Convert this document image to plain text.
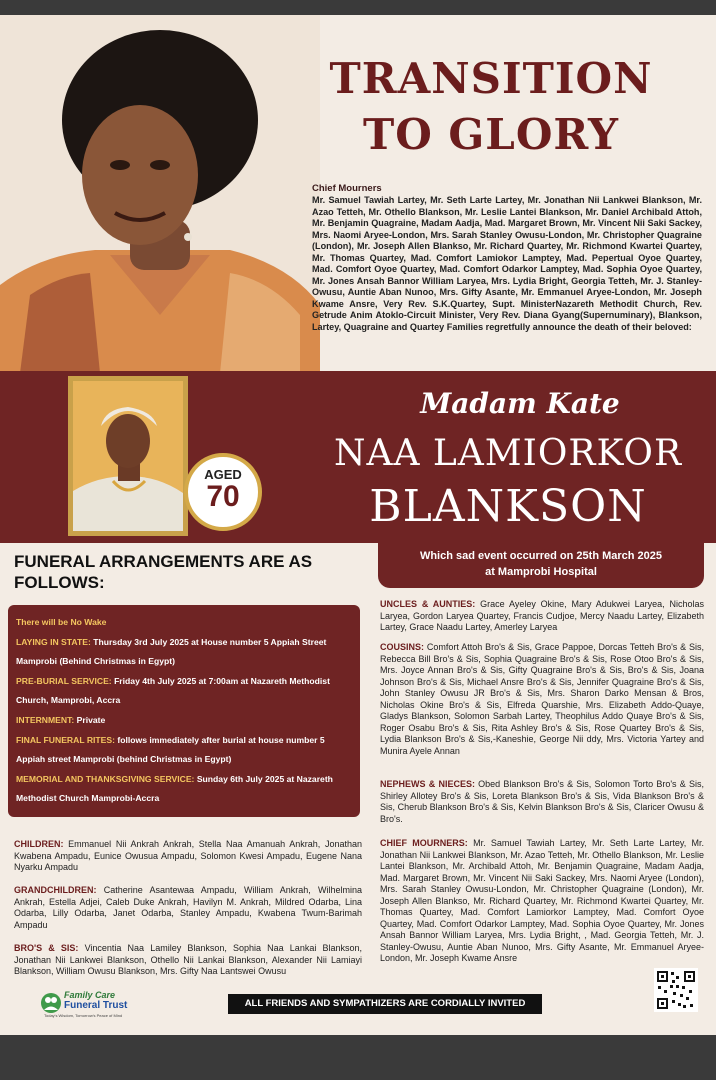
TRANSITION
TO GLORY
Chief Mourners
Mr. Samuel Tawiah Lartey, Mr. Seth Larte Lartey, Mr. Jonathan Nii Lankwei Blankson, Mr. Azao Tetteh, Mr. Othello Blankson, Mr. Leslie Lantei Blankson, Mr. Daniel Archibald Attoh, Mr. Benjamin Quagraine, Madam Aadja, Mad. Margaret Brown, Mr. Vincent Nii Saki Sackey, Mrs. Naomi Aryee-London, Mrs. Sarah Stanley Owusu-London, Mr. Christopher Quagraine (London), Mr. Joseph Allen Blankso, Mr. Richard Quartey, Mr. Richmond Kwartei Quartey, Mr. Thomas Quartey, Mad. Comfort Lamiokor Lamptey, Mad. Pepertual Oyoe Quartey, Mad. Comfort Oyoe Quartey, Mad. Comfort Odarkor Lamptey, Mad. Sophia Oyoe Quartey, Mr. Jones Ansah Bannor William Laryea, Mrs. Lydia Bright, Georgia Tetteh, Mr. J. Stanley-Owusu, Auntie Aban Nunoo, Mrs. Gifty Asante, Mr. Emmanuel Aryee-London, Mr. Joseph Kwame Ansre, Very Rev. S.K.Quartey, Supt. MinisterNazareth Methodit Church, Rev. Getrude Anim Atoklo-Circuit Minister, Very Rev. Diana Gyang(Supernuminary), Blankson, Lartey, Quagraine and Quartey Families regretfully announce the death of their beloved:
AGED
70
Madam Kate
NAA LAMIORKOR
BLANKSON
Which sad event occurred on 25th March 2025
at Mamprobi Hospital
FUNERAL ARRANGEMENTS ARE AS FOLLOWS:
There will be No Wake
LAYING IN STATE: Thursday 3rd July 2025 at House number 5 Appiah Street Mamprobi (Behind Christmas in Egypt)
PRE-BURIAL SERVICE: Friday 4th July 2025 at 7:00am at Nazareth Methodist Church, Mamprobi, Accra
INTERNMENT: Private
FINAL FUNERAL RITES: follows immediately after burial at house number 5 Appiah street Mamprobi (behind Christmas in Egypt)
MEMORIAL AND THANKSGIVING SERVICE: Sunday 6th July 2025 at Nazareth Methodist Church Mamprobi-Accra
CHILDREN: Emmanuel Nii Ankrah Ankrah, Stella Naa Amanuah Ankrah, Jonathan Kwabena Ampadu, Eunice Owusua Ampadu, Solomon Kwesi Ampadu, Eugene Nana Nyarku Ampadu
GRANDCHILDREN: Catherine Asantewaa Ampadu, William Ankrah, Wilhelmina Ankrah, Estella Adjei, Caleb Duke Ankrah, Havilyn M. Ankrah, Mildred Odarba, Lina Odarba, Lilly Odarba, Janet Odarba, Stanley Ampadu, Kwabena Twum-Barimah Ampadu
BRO'S & SIS: Vincentia Naa Lamiley Blankson, Sophia Naa Lankai Blankson, Jonathan Nii Lankwei Blankson, Othello Nii Lankai Blankson, Alexander Nii Lamiayi Blankson, William Owusu Blankson, Mrs. Gifty Naa Lantswei Owusu
UNCLES & AUNTIES: Grace Ayeley Okine, Mary Adukwei Laryea, Nicholas Laryea, Gordon Laryea Quartey, Francis Cudjoe, Mercy Naadu Lartey, Elizabeth Lartey, Grace Naadu Lartey, Amerley Laryea
COUSINS: Comfort Attoh Bro's & Sis, Grace Pappoe, Dorcas Tetteh Bro's & Sis, Rebecca Bill Bro's & Sis, Sophia Quagraine Bro's & Sis, Rose Otoo Bro's & Sis, Mrs. Joyce Annan Bro's & Sis, Gifty Quagraine Bro's & Sis, Bro's & Sis, Joana Johnson Bro's & Sis, Michael Ansre Bro's & Sis, Jennifer Quagraine Bro's & Sis, John Stanley Owusu JR Bro's & Sis, Mrs. Sharon Darko Mensan & Bros, Nicholas Okine Bro's & Sis, Elfreda Quarshie, Mrs. Elizabeth Addo-Quaye, Gladys Blankson, Solomon Sarbah Lartey, Theophilus Addo Quaye Bro's & Sis, Roger Osabu Bro's & Sis, Rita Ashley Bro's & Sis, Rose Quartey Bro's & Sis, Lydia Blankson Bro's & Sis,-Kaneshie, George Nii ddy, Mrs. Victoria Yartey and Munira Ayele Annan
NEPHEWS & NIECES: Obed Blankson Bro's & Sis, Solomon Torto Bro's & Sis, Shirley Allotey Bro's & Sis, Loreta Blankson Bro's & Sis, Vida Blankson Bro's & Sis, Cherub Blankson Bro's & Sis, Kelvin Blankson Bro's & Sis, Claricer Owusu & Bro's.
CHIEF MOURNERS: Mr. Samuel Tawiah Lartey, Mr. Seth Larte Lartey, Mr. Jonathan Nii Lankwei Blankson, Mr. Azao Tetteh, Mr. Othello Blankson, Mr. Leslie Lantei Blankson, Mr. Archibald Attoh, Mr. Benjamin Quagraine, Madam Aadja, Mad. Margaret Brown, Mr. Vincent Nii Saki Sackey, Mrs. Naomi Aryee (London), Mrs. Sarah Stanley Owusu-London, Mr. Christopher Quagraine (London), Mr. Joseph Allen Blankso, Mr. Richard Quartey, Mr. Richmond Kwartei Quartey, Mr. Thomas Quartey, Mad. Comfort Lamiorkor Lamptey, Mad. Comfort Oyoe Quartey, Mad. Comfort Odarkor Lamptey, Mad. Sophia Oyoe Quartey, Mr. Jones Ansah Bannor William Laryea, Mrs. Lydia Bright, , Mad. Georgia Tetteh, Mr. J. Stanley-Owusu, Auntie Aban Nunoo, Mrs. Gifty Asante, Mr. Emmanuel Aryee-London, Mr. Joseph Kwame Ansre
Family Care
Funeral Trust
Today's Wisdom, Tomorrow's Peace of Mind
ALL FRIENDS AND SYMPATHIZERS ARE CORDIALLY INVITED
